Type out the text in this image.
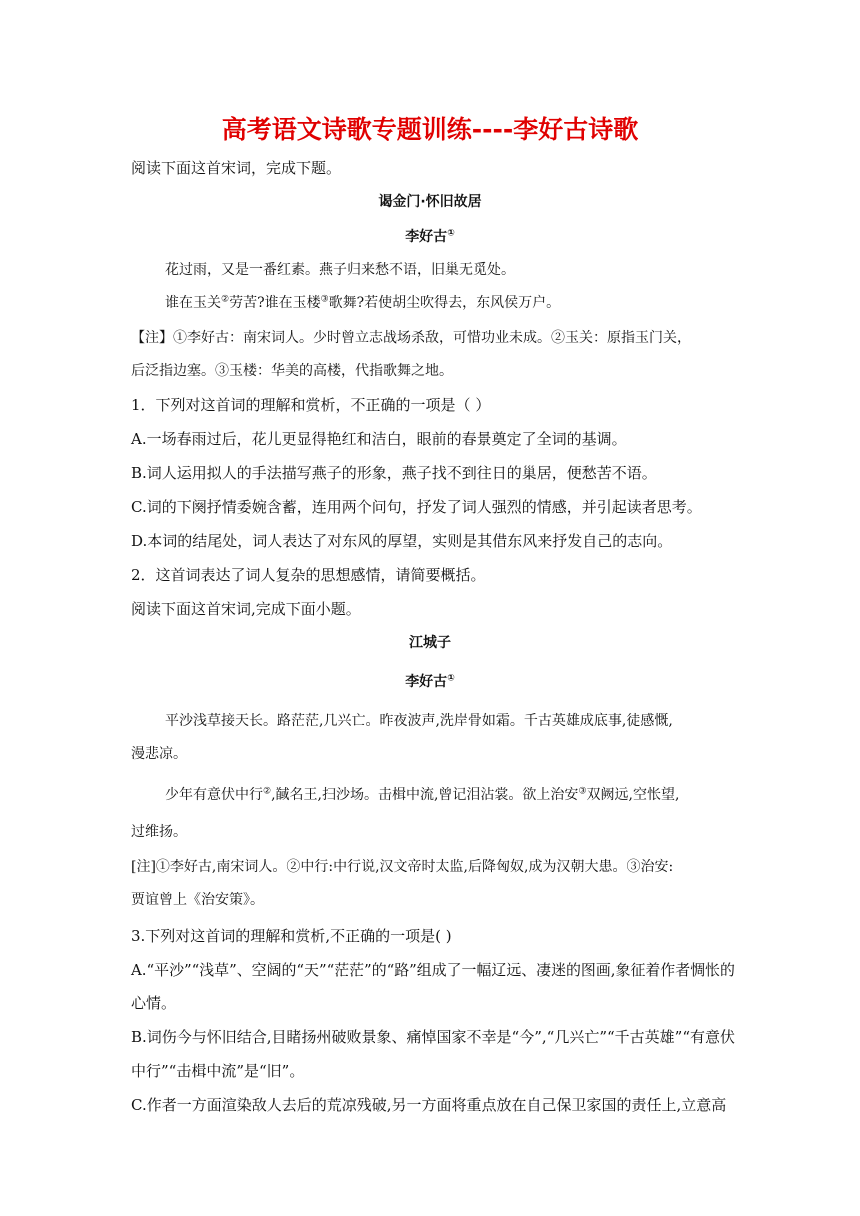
高考语文诗歌专题训练----李好古诗歌
阅读下面这首宋词，完成下题。
谒金门·怀旧故居
李好古①
花过雨，又是一番红素。燕子归来愁不语，旧巢无觅处。
谁在玉关②劳苦?谁在玉楼③歌舞?若使胡尘吹得去，东风侯万户。
【注】①李好古：南宋词人。少时曾立志战场杀敌，可惜功业未成。②玉关：原指玉门关，
后泛指边塞。③玉楼：华美的高楼，代指歌舞之地。
1．下列对这首词的理解和赏析，不正确的一项是（ ）
A.一场春雨过后，花儿更显得艳红和洁白，眼前的春景奠定了全词的基调。
B.词人运用拟人的手法描写燕子的形象，燕子找不到往日的巢居，便愁苦不语。
C.词的下阕抒情委婉含蓄，连用两个问句，抒发了词人强烈的情感，并引起读者思考。
D.本词的结尾处，词人表达了对东风的厚望，实则是其借东风来抒发自己的志向。
2．这首词表达了词人复杂的思想感情，请简要概括。
阅读下面这首宋词,完成下面小题。
江城子
李好古①
平沙浅草接天长。路茫茫,几兴亡。昨夜波声,洗岸骨如霜。千古英雄成底事,徒感慨,
漫悲凉。
少年有意伏中行②,馘名王,扫沙场。击楫中流,曾记泪沾裳。欲上治安③双阙远,空怅望,
过维扬。
[注]①李好古,南宋词人。②中行:中行说,汉文帝时太监,后降匈奴,成为汉朝大患。③治安:
贾谊曾上《治安策》。
3.下列对这首词的理解和赏析,不正确的一项是( )
A.“平沙”“浅草”、空阔的“天”“茫茫”的“路”组成了一幅辽远、凄迷的图画,象征着作者惆怅的
心情。
B.词伤今与怀旧结合,目睹扬州破败景象、痛悼国家不幸是“今”,“几兴亡”“千古英雄”“有意伏
中行”“击楫中流”是“旧”。
C.作者一方面渲染敌人去后的荒凉残破,另一方面将重点放在自己保卫家国的责任上,立意高
